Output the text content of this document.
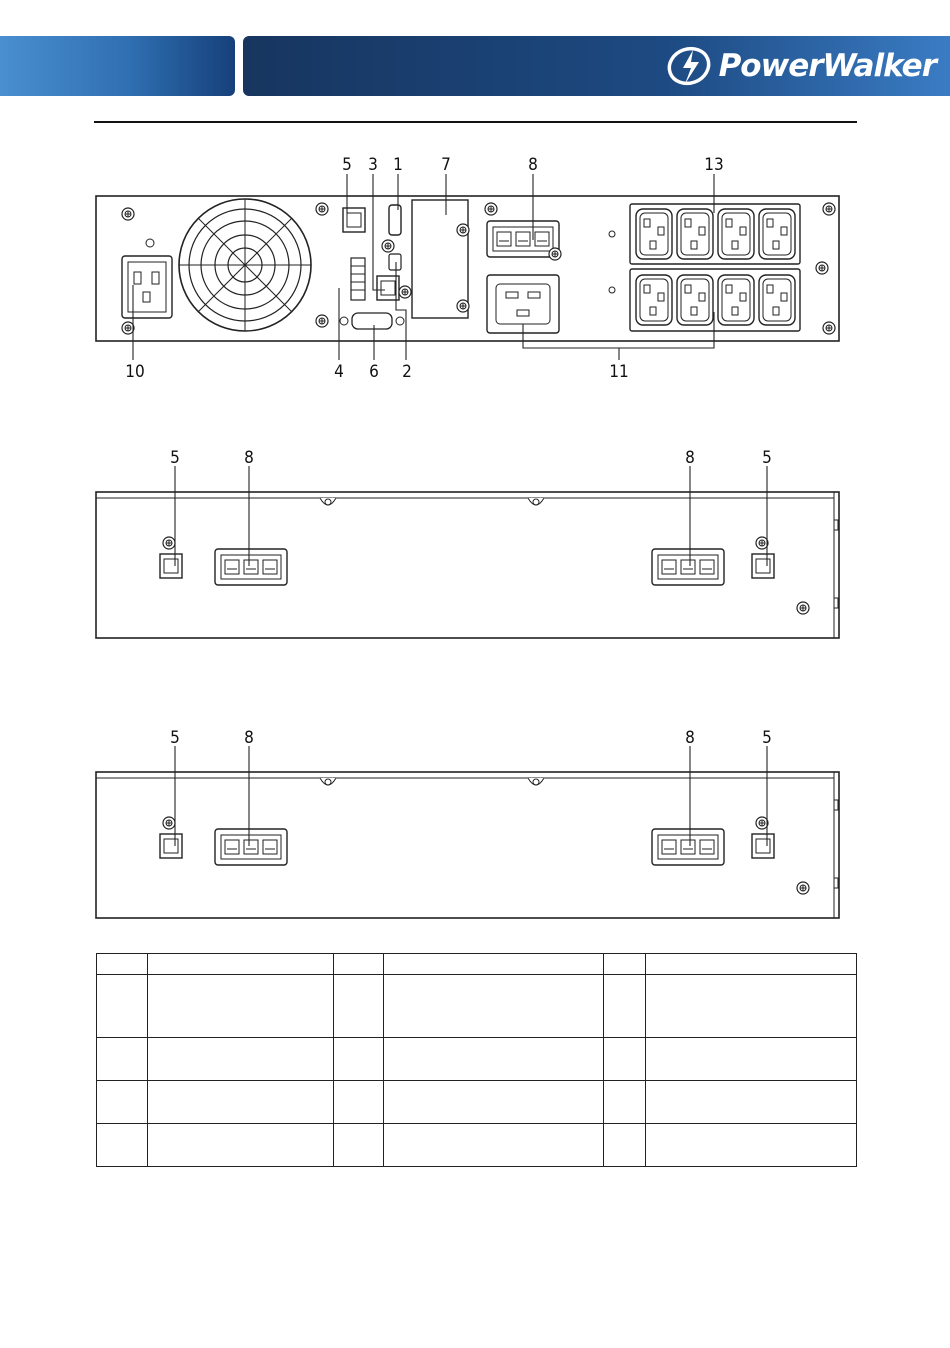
PowerWalker
5 3 1 7	8	13
10	4 6 2	11
5	8	8	5
5	8	8	5
